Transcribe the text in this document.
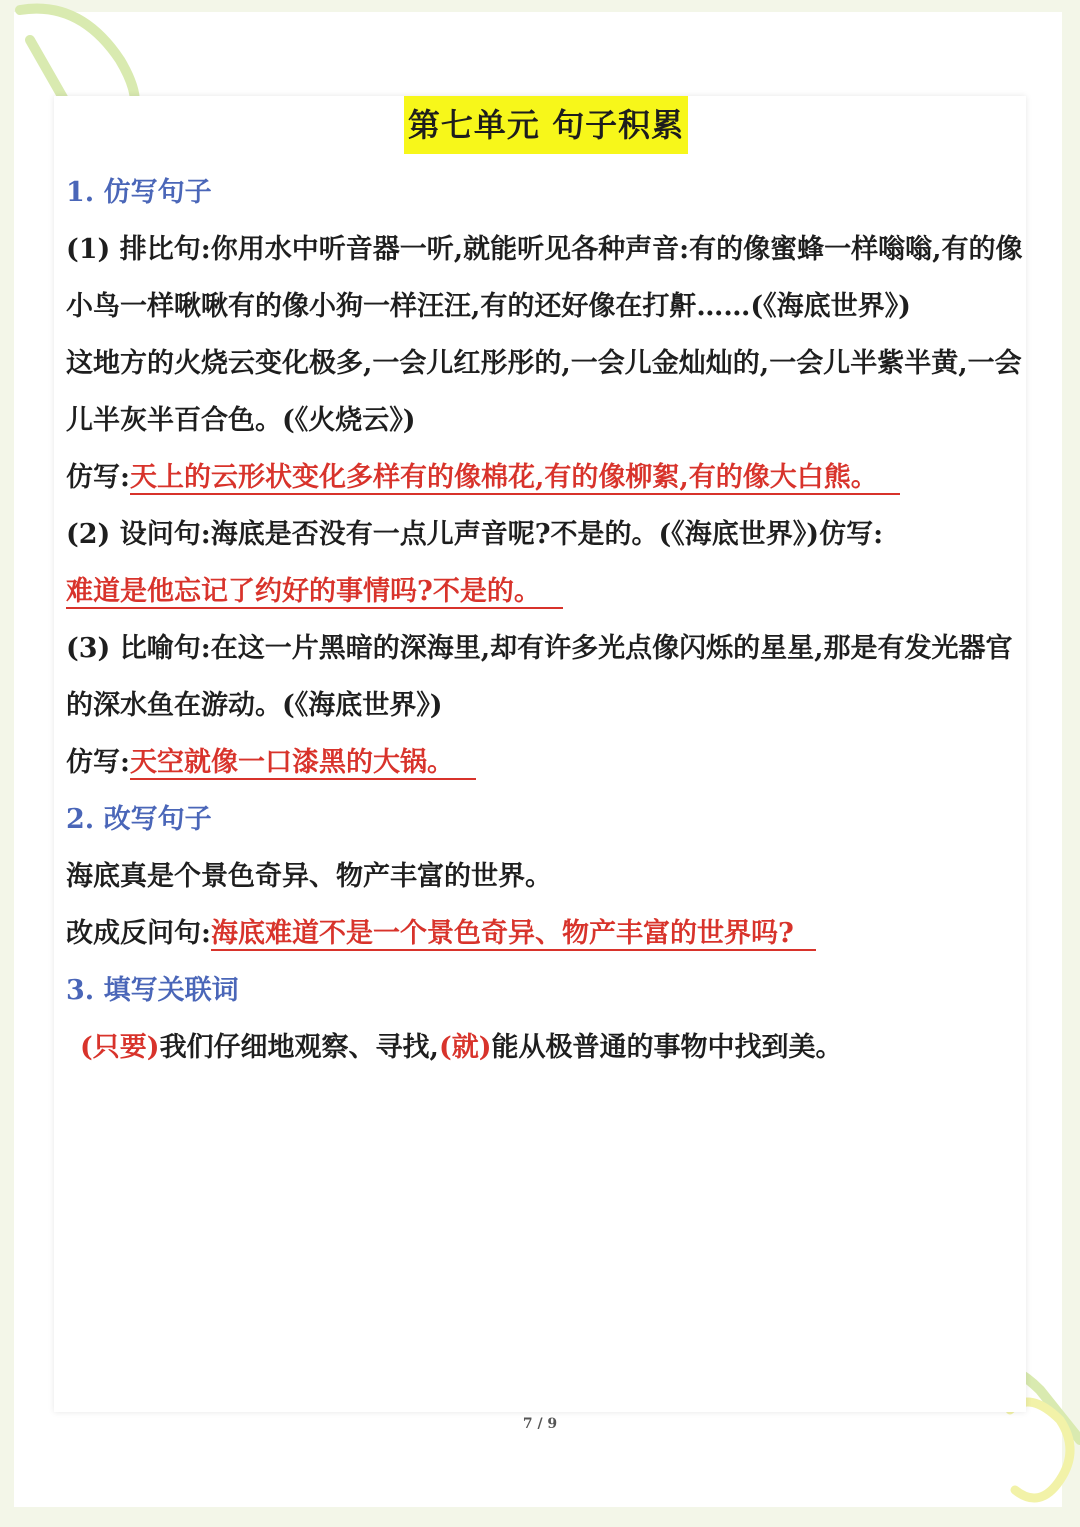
第七单元 句子积累
1. 仿写句子
(1) 排比句:你用水中听音器一听,就能听见各种声音:有的像蜜蜂一样嗡嗡,有的像小鸟一样啾啾有的像小狗一样汪汪,有的还好像在打鼾……(《海底世界》)
这地方的火烧云变化极多,一会儿红彤彤的,一会儿金灿灿的,一会儿半紫半黄,一会儿半灰半百合色。(《火烧云》)
仿写:天上的云形状变化多样有的像棉花,有的像柳絮,有的像大白熊。
(2) 设问句:海底是否没有一点儿声音呢?不是的。(《海底世界》)仿写:
难道是他忘记了约好的事情吗?不是的。
(3) 比喻句:在这一片黑暗的深海里,却有许多光点像闪烁的星星,那是有发光器官的深水鱼在游动。(《海底世界》)
仿写:天空就像一口漆黑的大锅。
2. 改写句子
海底真是个景色奇异、物产丰富的世界。
改成反问句:海底难道不是一个景色奇异、物产丰富的世界吗?
3. 填写关联词
(只要)我们仔细地观察、寻找,(就)能从极普通的事物中找到美。
7 / 9
